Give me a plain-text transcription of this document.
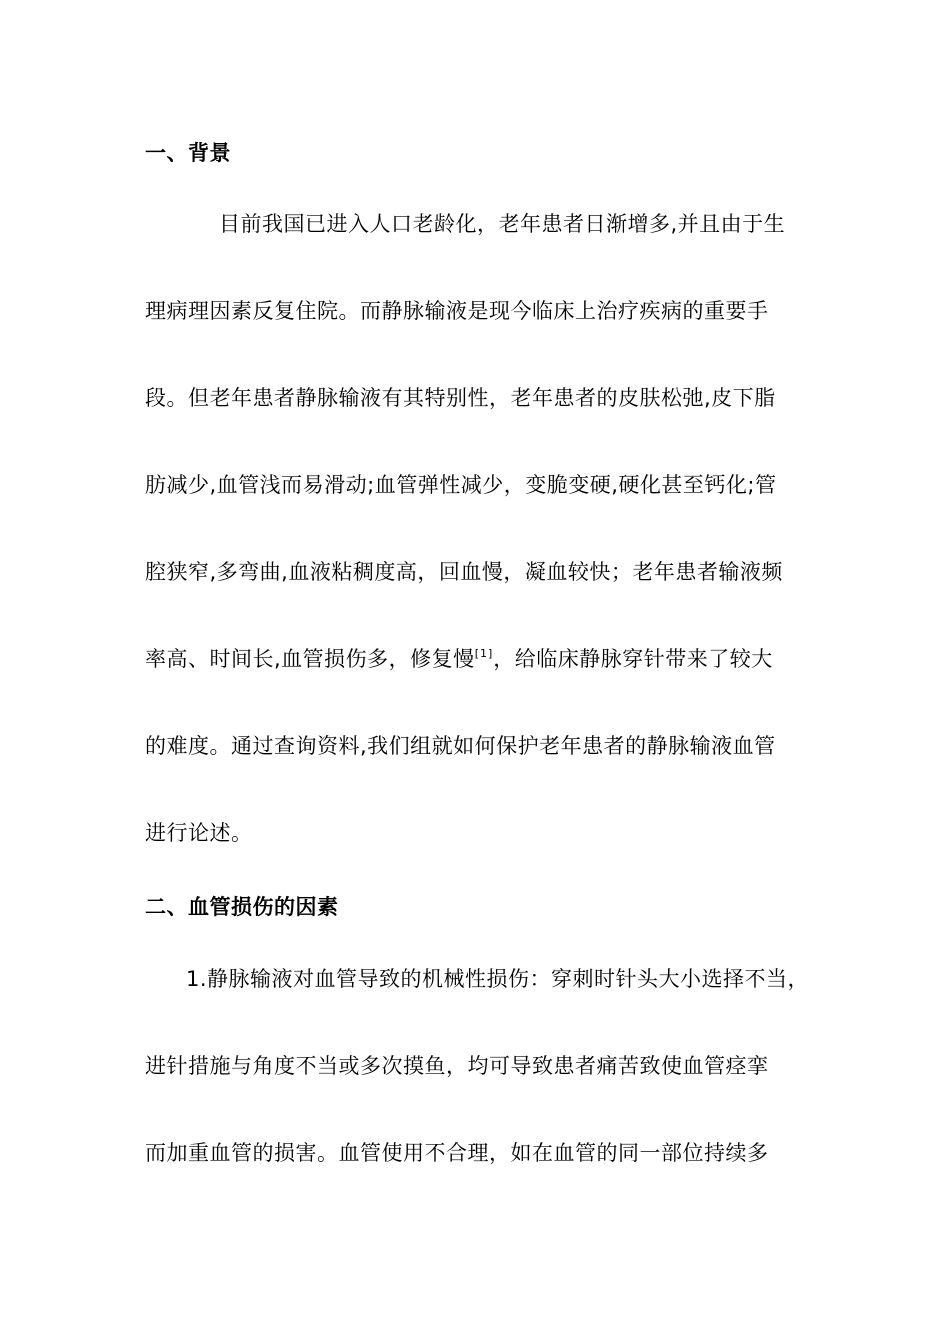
一、背景
目前我国已进入人口老龄化，老年患者日渐增多,并且由于生
理病理因素反复住院。而静脉输液是现今临床上治疗疾病的重要手
段。但老年患者静脉输液有其特别性，老年患者的皮肤松弛,皮下脂
肪减少,血管浅而易滑动;血管弹性减少，变脆变硬,硬化甚至钙化;管
腔狭窄,多弯曲,血液粘稠度高，回血慢，凝血较快；老年患者输液频
率高、时间长,血管损伤多，修复慢[1]，给临床静脉穿针带来了较大
的难度。通过查询资料,我们组就如何保护老年患者的静脉输液血管
进行论述。
二、血管损伤的因素
1.静脉输液对血管导致的机械性损伤：穿刺时针头大小选择不当，
进针措施与角度不当或多次摸鱼，均可导致患者痛苦致使血管痉挛
而加重血管的损害。血管使用不合理，如在血管的同一部位持续多
